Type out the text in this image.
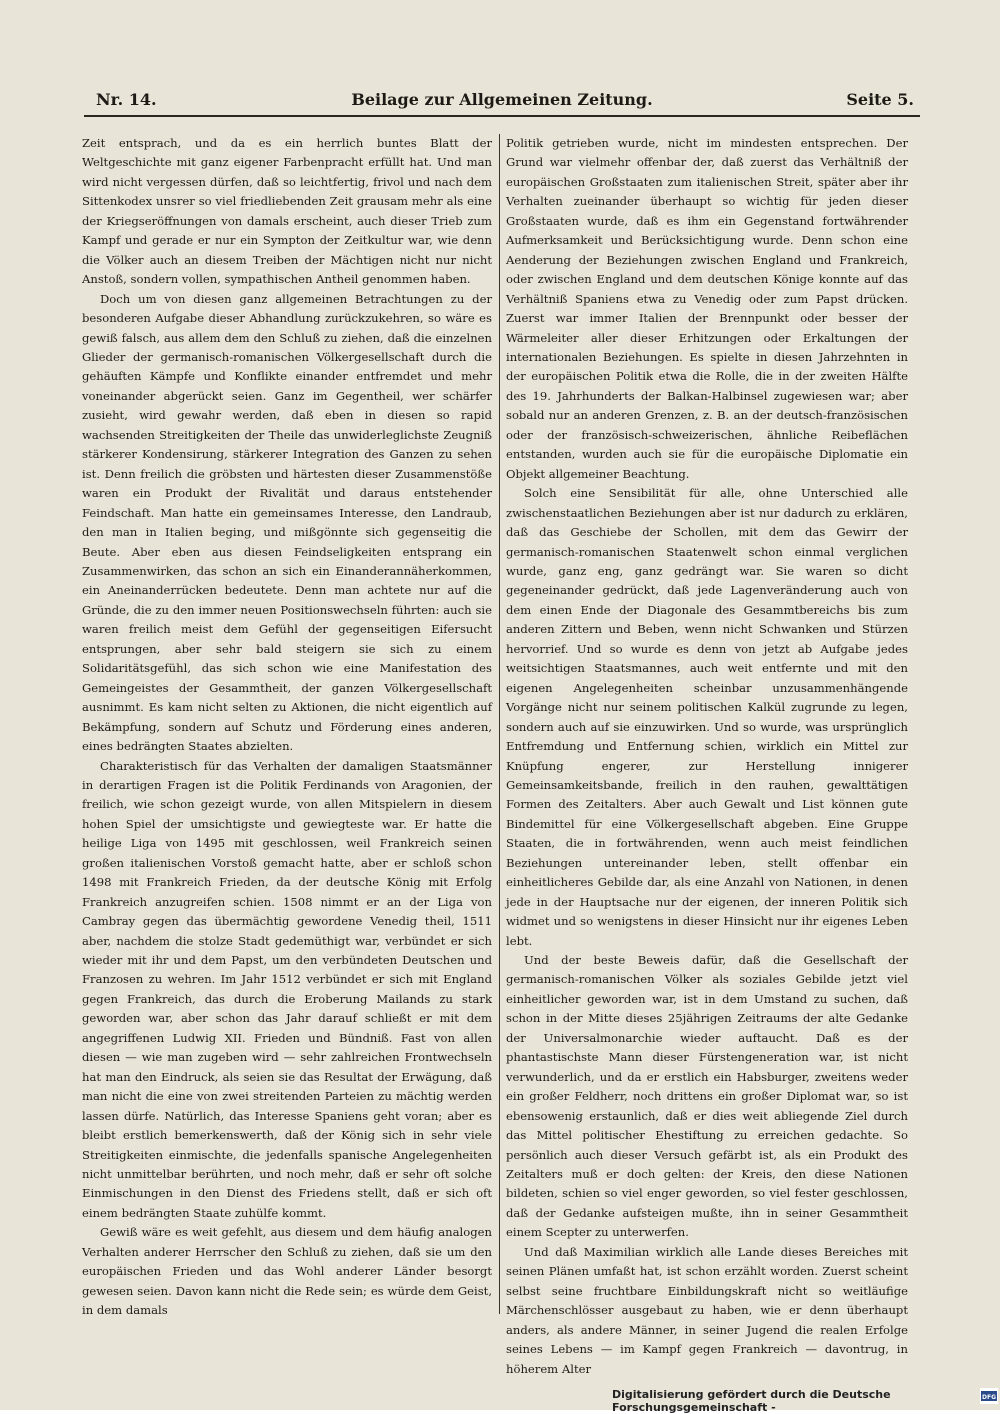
Nr. 14.	Beilage zur Allgemeinen Zeitung.	Seite 5.

Zeit entsprach, und da es ein herrlich buntes Blatt der Weltgeschichte mit ganz eigener Farbenpracht erfüllt hat. Und man wird nicht vergessen dürfen, daß so leichtfertig, frivol und nach dem Sittenkodex unsrer so viel friedliebenden Zeit grausam mehr als eine der Kriegseröffnungen von damals erscheint, auch dieser Trieb zum Kampf und gerade er nur ein Sympton der Zeitkultur war, wie denn die Völker auch an diesem Treiben der Mächtigen nicht nur nicht Anstoß, sondern vollen, sympathischen Antheil genommen haben.

Doch um von diesen ganz allgemeinen Betrachtungen zu der besonderen Aufgabe dieser Abhandlung zurückzukehren, so wäre es gewiß falsch, aus allem dem den Schluß zu ziehen, daß die einzelnen Glieder der germanisch-romanischen Völkergesellschaft durch die gehäuften Kämpfe und Konflikte einander entfremdet und mehr voneinander abgerückt seien. Ganz im Gegentheil, wer schärfer zusieht, wird gewahr werden, daß eben in diesen so rapid wachsenden Streitigkeiten der Theile das unwiderleglichste Zeugniß stärkerer Kondensirung, stärkerer Integration des Ganzen zu sehen ist. Denn freilich die gröbsten und härtesten dieser Zusammenstöße waren ein Produkt der Rivalität und daraus entstehender Feindschaft. Man hatte ein gemeinsames Interesse, den Landraub, den man in Italien beging, und mißgönnte sich gegenseitig die Beute. Aber eben aus diesen Feindseligkeiten entsprang ein Zusammenwirken, das schon an sich ein Einanderannäherkommen, ein Aneinanderrücken bedeutete. Denn man achtete nur auf die Gründe, die zu den immer neuen Positionswechseln führten: auch sie waren freilich meist dem Gefühl der gegenseitigen Eifersucht entsprungen, aber sehr bald steigern sie sich zu einem Solidaritätsgefühl, das sich schon wie eine Manifestation des Gemeingeistes der Gesammtheit, der ganzen Völkergesellschaft ausnimmt. Es kam nicht selten zu Aktionen, die nicht eigentlich auf Bekämpfung, sondern auf Schutz und Förderung eines anderen, eines bedrängten Staates abzielten.

Charakteristisch für das Verhalten der damaligen Staatsmänner in derartigen Fragen ist die Politik Ferdinands von Aragonien, der freilich, wie schon gezeigt wurde, von allen Mitspielern in diesem hohen Spiel der umsichtigste und gewiegteste war. Er hatte die heilige Liga von 1495 mit geschlossen, weil Frankreich seinen großen italienischen Vorstoß gemacht hatte, aber er schloß schon 1498 mit Frankreich Frieden, da der deutsche König mit Erfolg Frankreich anzugreifen schien. 1508 nimmt er an der Liga von Cambray gegen das übermächtig gewordene Venedig theil, 1511 aber, nachdem die stolze Stadt gedemüthigt war, verbündet er sich wieder mit ihr und dem Papst, um den verbündeten Deutschen und Franzosen zu wehren. Im Jahr 1512 verbündet er sich mit England gegen Frankreich, das durch die Eroberung Mailands zu stark geworden war, aber schon das Jahr darauf schließt er mit dem angegriffenen Ludwig XII. Frieden und Bündniß. Fast von allen diesen — wie man zugeben wird — sehr zahlreichen Frontwechseln hat man den Eindruck, als seien sie das Resultat der Erwägung, daß man nicht die eine von zwei streitenden Parteien zu mächtig werden lassen dürfe. Natürlich, das Interesse Spaniens geht voran; aber es bleibt erstlich bemerkenswerth, daß der König sich in sehr viele Streitigkeiten einmischte, die jedenfalls spanische Angelegenheiten nicht unmittelbar berührten, und noch mehr, daß er sehr oft solche Einmischungen in den Dienst des Friedens stellt, daß er sich oft einem bedrängten Staate zuhülfe kommt.

Gewiß wäre es weit gefehlt, aus diesem und dem häufig analogen Verhalten anderer Herrscher den Schluß zu ziehen, daß sie um den europäischen Frieden und das Wohl anderer Länder besorgt gewesen seien. Davon kann nicht die Rede sein; es würde dem Geist, in dem damals

Politik getrieben wurde, nicht im mindesten entsprechen. Der Grund war vielmehr offenbar der, daß zuerst das Verhältniß der europäischen Großstaaten zum italienischen Streit, später aber ihr Verhalten zueinander überhaupt so wichtig für jeden dieser Großstaaten wurde, daß es ihm ein Gegenstand fortwährender Aufmerksamkeit und Berücksichtigung wurde. Denn schon eine Aenderung der Beziehungen zwischen England und Frankreich, oder zwischen England und dem deutschen Könige konnte auf das Verhältniß Spaniens etwa zu Venedig oder zum Papst drücken. Zuerst war immer Italien der Brennpunkt oder besser der Wärmeleiter aller dieser Erhitzungen oder Erkaltungen der internationalen Beziehungen. Es spielte in diesen Jahrzehnten in der europäischen Politik etwa die Rolle, die in der zweiten Hälfte des 19. Jahrhunderts der Balkan-Halbinsel zugewiesen war; aber sobald nur an anderen Grenzen, z. B. an der deutsch-französischen oder der französisch-schweizerischen, ähnliche Reibeflächen entstanden, wurden auch sie für die europäische Diplomatie ein Objekt allgemeiner Beachtung.

Solch eine Sensibilität für alle, ohne Unterschied alle zwischenstaatlichen Beziehungen aber ist nur dadurch zu erklären, daß das Geschiebe der Schollen, mit dem das Gewirr der germanisch-romanischen Staatenwelt schon einmal verglichen wurde, ganz eng, ganz gedrängt war. Sie waren so dicht gegeneinander gedrückt, daß jede Lagenveränderung auch von dem einen Ende der Diagonale des Gesammtbereichs bis zum anderen Zittern und Beben, wenn nicht Schwanken und Stürzen hervorrief. Und so wurde es denn von jetzt ab Aufgabe jedes weitsichtigen Staatsmannes, auch weit entfernte und mit den eigenen Angelegenheiten scheinbar unzusammenhängende Vorgänge nicht nur seinem politischen Kalkül zugrunde zu legen, sondern auch auf sie einzuwirken. Und so wurde, was ursprünglich Entfremdung und Entfernung schien, wirklich ein Mittel zur Knüpfung engerer, zur Herstellung innigerer Gemeinsamkeitsbande, freilich in den rauhen, gewalttätigen Formen des Zeitalters. Aber auch Gewalt und List können gute Bindemittel für eine Völkergesellschaft abgeben. Eine Gruppe Staaten, die in fortwährenden, wenn auch meist feindlichen Beziehungen untereinander leben, stellt offenbar ein einheitlicheres Gebilde dar, als eine Anzahl von Nationen, in denen jede in der Hauptsache nur der eigenen, der inneren Politik sich widmet und so wenigstens in dieser Hinsicht nur ihr eigenes Leben lebt.

Und der beste Beweis dafür, daß die Gesellschaft der germanisch-romanischen Völker als soziales Gebilde jetzt viel einheitlicher geworden war, ist in dem Umstand zu suchen, daß schon in der Mitte dieses 25jährigen Zeitraums der alte Gedanke der Universalmonarchie wieder auftaucht. Daß es der phantastischste Mann dieser Fürstengeneration war, ist nicht verwunderlich, und da er erstlich ein Habsburger, zweitens weder ein großer Feldherr, noch drittens ein großer Diplomat war, so ist ebensowenig erstaunlich, daß er dies weit abliegende Ziel durch das Mittel politischer Ehestiftung zu erreichen gedachte. So persönlich auch dieser Versuch gefärbt ist, als ein Produkt des Zeitalters muß er doch gelten: der Kreis, den diese Nationen bildeten, schien so viel enger geworden, so viel fester geschlossen, daß der Gedanke aufsteigen mußte, ihn in seiner Gesammtheit einem Scepter zu unterwerfen.

Und daß Maximilian wirklich alle Lande dieses Bereiches mit seinen Plänen umfaßt hat, ist schon erzählt worden. Zuerst scheint selbst seine fruchtbare Einbildungskraft nicht so weitläufige Märchenschlösser ausgebaut zu haben, wie er denn überhaupt anders, als andere Männer, in seiner Jugend die realen Erfolge seines Lebens — im Kampf gegen Frankreich — davontrug, in höherem Alter

Digitalisierung gefördert durch die Deutsche Forschungsgemeinschaft -
DFG
